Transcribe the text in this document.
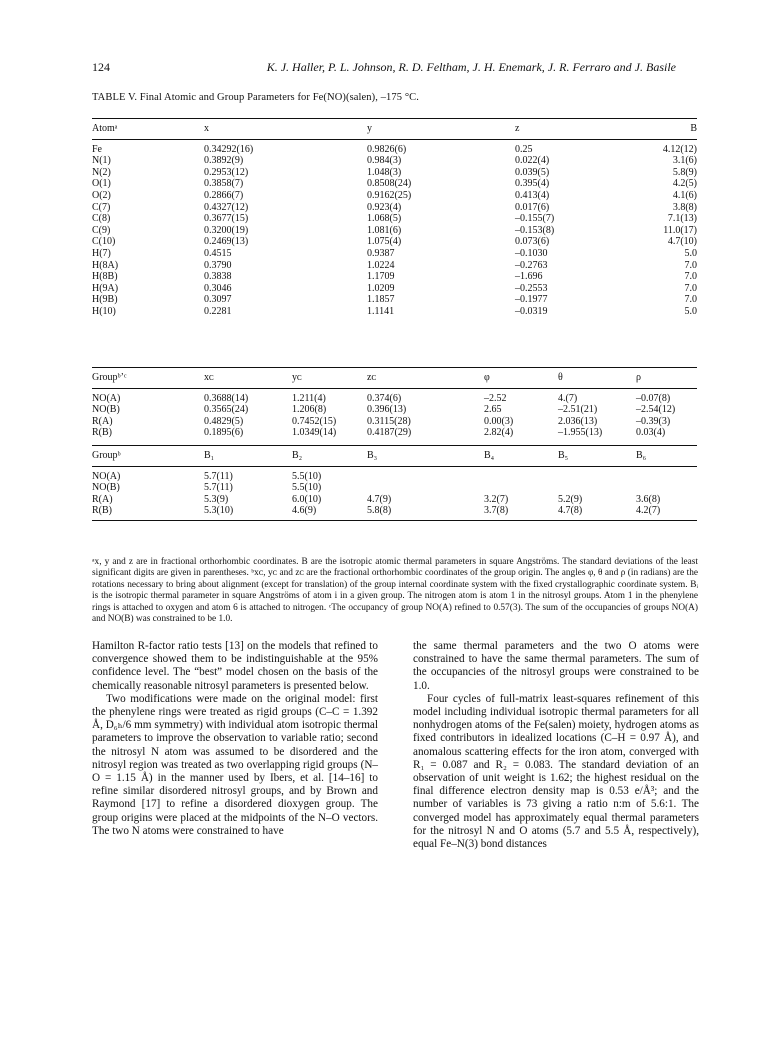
124	K. J. Haller, P. L. Johnson, R. D. Feltham, J. H. Enemark, J. R. Ferraro and J. Basile
TABLE V. Final Atomic and Group Parameters for Fe(NO)(salen), –175 °C.
Atomᵃ	x	y	z	B
Fe	0.34292(16)	0.9826(6)	0.25	4.12(12)
N(1)	0.3892(9)	0.984(3)	0.022(4)	3.1(6)
N(2)	0.2953(12)	1.048(3)	0.039(5)	5.8(9)
O(1)	0.3858(7)	0.8508(24)	0.395(4)	4.2(5)
O(2)	0.2866(7)	0.9162(25)	0.413(4)	4.1(6)
C(7)	0.4327(12)	0.923(4)	0.017(6)	3.8(8)
C(8)	0.3677(15)	1.068(5)	–0.155(7)	7.1(13)
C(9)	0.3200(19)	1.081(6)	–0.153(8)	11.0(17)
C(10)	0.2469(13)	1.075(4)	0.073(6)	4.7(10)
H(7)	0.4515	0.9387	–0.1030	5.0
H(8A)	0.3790	1.0224	–0.2763	7.0
H(8B)	0.3838	1.1709	–1.696	7.0
H(9A)	0.3046	1.0209	–0.2553	7.0
H(9B)	0.3097	1.1857	–0.1977	7.0
H(10)	0.2281	1.1141	–0.0319	5.0
Groupᵇʼᶜ	xᴄ	yᴄ	zᴄ	φ	θ	ρ
NO(A)	0.3688(14)	1.211(4)	0.374(6)	–2.52	4.(7)	–0.07(8)
NO(B)	0.3565(24)	1.206(8)	0.396(13)	2.65	–2.51(21)	–2.54(12)
R(A)	0.4829(5)	0.7452(15)	0.3115(28)	0.00(3)	2.036(13)	–0.39(3)
R(B)	0.1895(6)	1.0349(14)	0.4187(29)	2.82(4)	–1.955(13)	0.03(4)
Groupᵇ	B₁	B₂	B₃	B₄	B₅	B₆
NO(A)	5.7(11)	5.5(10)				
NO(B)	5.7(11)	5.5(10)				
R(A)	5.3(9)	6.0(10)	4.7(9)	3.2(7)	5.2(9)	3.6(8)
R(B)	5.3(10)	4.6(9)	5.8(8)	3.7(8)	4.7(8)	4.2(7)
ᵃx, y and z are in fractional orthorhombic coordinates. B are the isotropic atomic thermal parameters in square Angströms. The standard deviations of the least significant digits are given in parentheses. ᵇxᴄ, yᴄ and zᴄ are the fractional orthorhombic coordinates of the group origin. The angles φ, θ and ρ (in radians) are the rotations necessary to bring about alignment (except for translation) of the group internal coordinate system with the fixed crystallographic coordinate system. Bᵢ is the isotropic thermal parameter in square Angströms of atom i in a given group. The nitrogen atom is atom 1 in the nitrosyl groups. Atom 1 in the phenylene rings is attached to oxygen and atom 6 is attached to nitrogen. ᶜThe occupancy of group NO(A) refined to 0.57(3). The sum of the occupancies of groups NO(A) and NO(B) was constrained to be 1.0.

Hamilton R-factor ratio tests [13] on the models that refined to convergence showed them to be indistinguishable at the 95% confidence level. The “best” model chosen on the basis of the chemically reasonable nitrosyl parameters is presented below.

Two modifications were made on the original model: first the phenylene rings were treated as rigid groups (C–C = 1.392 Å, D₆ₕ/6 mm symmetry) with individual atom isotropic thermal parameters to improve the observation to variable ratio; second the nitrosyl N atom was assumed to be disordered and the nitrosyl region was treated as two overlapping rigid groups (N–O = 1.15 Å) in the manner used by Ibers, et al. [14–16] to refine similar disordered nitrosyl groups, and by Brown and Raymond [17] to refine a disordered dioxygen group. The group origins were placed at the midpoints of the N–O vectors. The two N atoms were constrained to have

the same thermal parameters and the two O atoms were constrained to have the same thermal parameters. The sum of the occupancies of the nitrosyl groups were constrained to be 1.0.

Four cycles of full-matrix least-squares refinement of this model including individual isotropic thermal parameters for all nonhydrogen atoms of the Fe(salen) moiety, hydrogen atoms as fixed contributors in idealized locations (C–H = 0.97 Å), and anomalous scattering effects for the iron atom, converged with R₁ = 0.087 and R₂ = 0.083. The standard deviation of an observation of unit weight is 1.62; the highest residual on the final difference electron density map is 0.53 e/Å³; and the number of variables is 73 giving a ratio n:m of 5.6:1. The converged model has approximately equal thermal parameters for the nitrosyl N and O atoms (5.7 and 5.5 Å, respectively), equal Fe–N(3) bond distances
